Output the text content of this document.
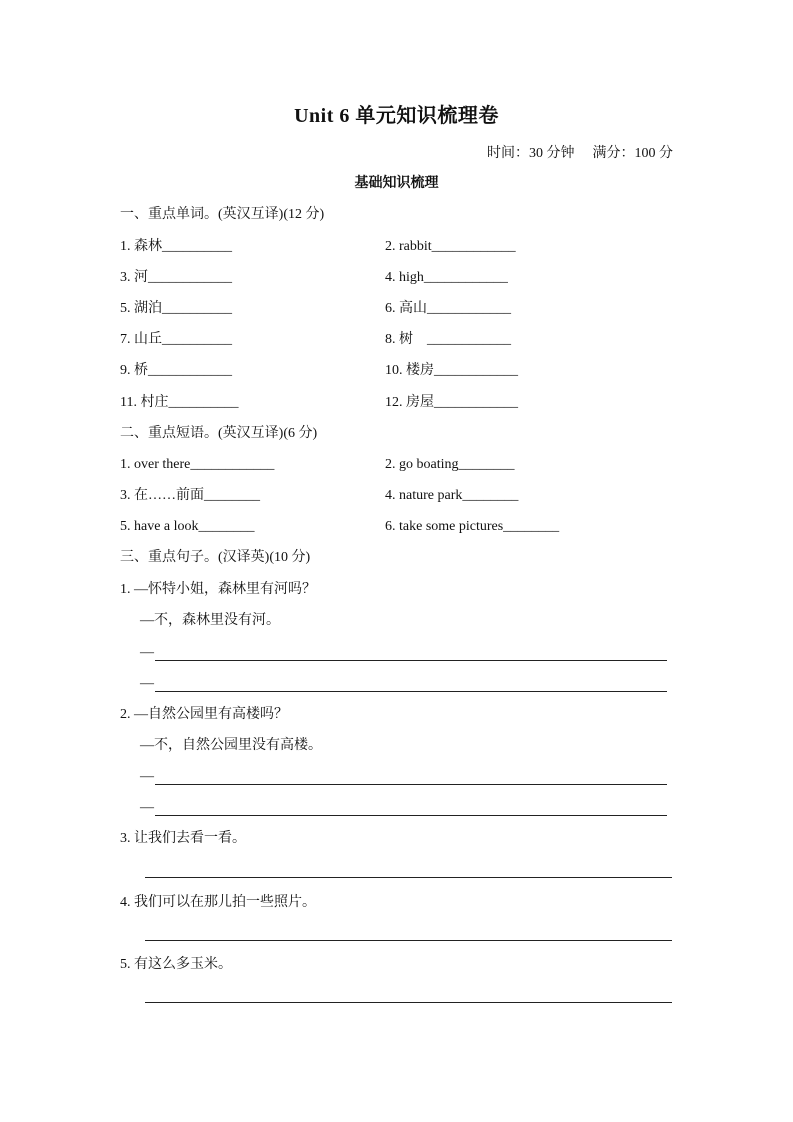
Unit 6 单元知识梳理卷
时间：30 分钟 满分：100 分
基础知识梳理
一、重点单词。(英汉互译)(12 分)
1. 森林__________	2. rabbit____________
3. 河____________	4. high____________
5. 湖泊__________	6. 高山____________
7. 山丘__________	8. 树　____________
9. 桥____________	10. 楼房____________
11. 村庄__________	12. 房屋____________
二、重点短语。(英汉互译)(6 分)
1. over there____________	2. go boating________
3. 在……前面________	4. nature park________
5. have a look________	6. take some pictures________
三、重点句子。(汉译英)(10 分)
1. —怀特小姐，森林里有河吗？
—不，森林里没有河。
—
—
2. —自然公园里有高楼吗？
—不，自然公园里没有高楼。
—
—
3. 让我们去看一看。
4. 我们可以在那儿拍一些照片。
5. 有这么多玉米。
